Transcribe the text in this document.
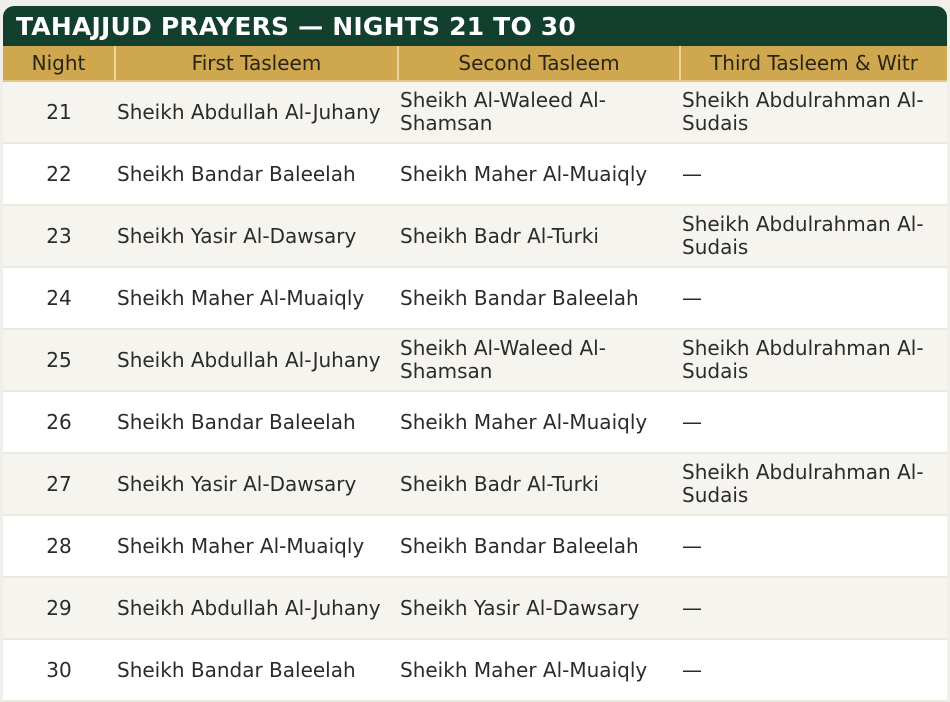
TAHAJJUD PRAYERS — NIGHTS 21 TO 30
Night	First Tasleem	Second Tasleem	Third Tasleem & Witr
21	Sheikh Abdullah Al-Juhany	Sheikh Al-Waleed Al-Shamsan	Sheikh Abdulrahman Al-Sudais
22	Sheikh Bandar Baleelah	Sheikh Maher Al-Muaiqly	—
23	Sheikh Yasir Al-Dawsary	Sheikh Badr Al-Turki	Sheikh Abdulrahman Al-Sudais
24	Sheikh Maher Al-Muaiqly	Sheikh Bandar Baleelah	—
25	Sheikh Abdullah Al-Juhany	Sheikh Al-Waleed Al-Shamsan	Sheikh Abdulrahman Al-Sudais
26	Sheikh Bandar Baleelah	Sheikh Maher Al-Muaiqly	—
27	Sheikh Yasir Al-Dawsary	Sheikh Badr Al-Turki	Sheikh Abdulrahman Al-Sudais
28	Sheikh Maher Al-Muaiqly	Sheikh Bandar Baleelah	—
29	Sheikh Abdullah Al-Juhany	Sheikh Yasir Al-Dawsary	—
30	Sheikh Bandar Baleelah	Sheikh Maher Al-Muaiqly	—
